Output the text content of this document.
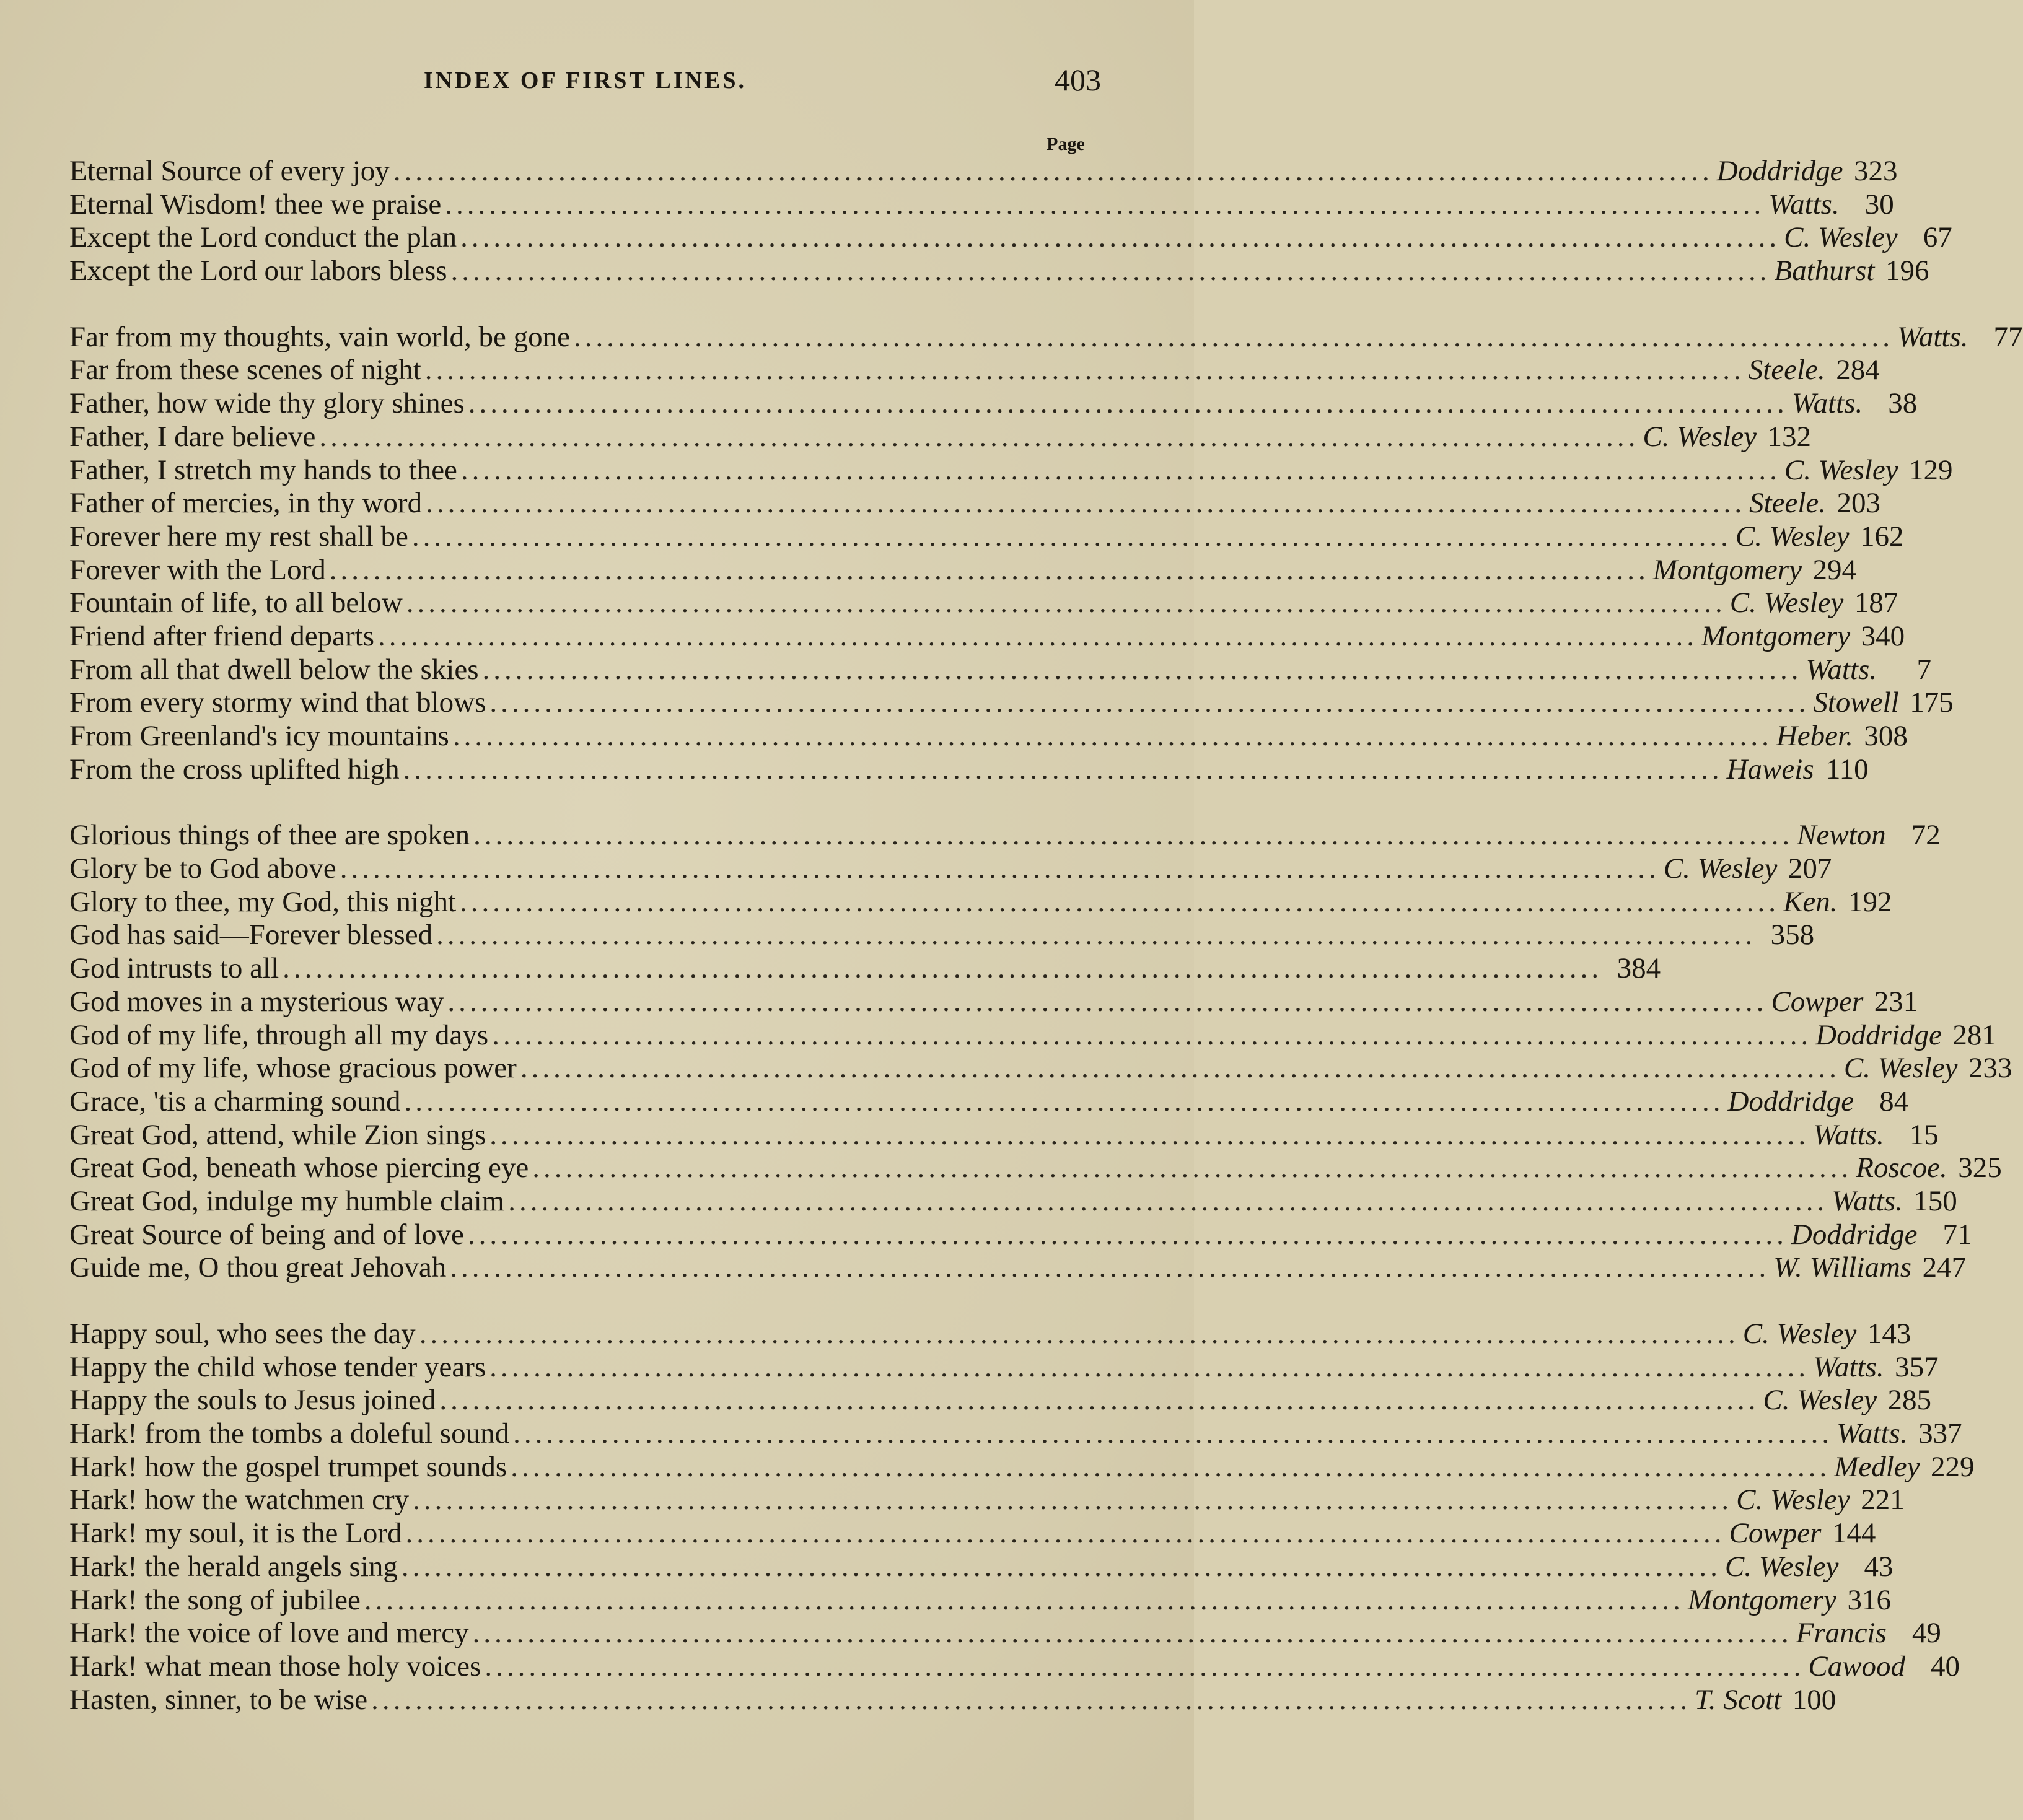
INDEX OF FIRST LINES.	403
Page
Eternal Source of every joy ........................................................................................................................ Doddridge 323
Eternal Wisdom! thee we praise ........................................................................................................................ Watts. 30
Except the Lord conduct the plan ........................................................................................................................ C. Wesley 67
Except the Lord our labors bless ........................................................................................................................ Bathurst 196
Far from my thoughts, vain world, be gone ........................................................................................................................ Watts. 77
Far from these scenes of night ........................................................................................................................ Steele. 284
Father, how wide thy glory shines ........................................................................................................................ Watts. 38
Father, I dare believe ........................................................................................................................ C. Wesley 132
Father, I stretch my hands to thee ........................................................................................................................ C. Wesley 129
Father of mercies, in thy word ........................................................................................................................ Steele. 203
Forever here my rest shall be ........................................................................................................................ C. Wesley 162
Forever with the Lord ........................................................................................................................ Montgomery 294
Fountain of life, to all below ........................................................................................................................ C. Wesley 187
Friend after friend departs ........................................................................................................................ Montgomery 340
From all that dwell below the skies ........................................................................................................................ Watts.	7
From every stormy wind that blows ........................................................................................................................ Stowell 175
From Greenland's icy mountains ........................................................................................................................ Heber. 308
From the cross uplifted high ........................................................................................................................ Haweis 110
Glorious things of thee are spoken ........................................................................................................................ Newton 72
Glory be to God above ........................................................................................................................ C. Wesley 207
Glory to thee, my God, this night ........................................................................................................................ Ken. 192
God has said—Forever blessed ........................................................................................................................ 358
God intrusts to all ........................................................................................................................ 384
God moves in a mysterious way ........................................................................................................................ Cowper 231
God of my life, through all my days ........................................................................................................................ Doddridge 281
God of my life, whose gracious power ........................................................................................................................ C. Wesley 233
Grace, 'tis a charming sound ........................................................................................................................ Doddridge 84
Great God, attend, while Zion sings ........................................................................................................................ Watts. 15
Great God, beneath whose piercing eye ........................................................................................................................ Roscoe. 325
Great God, indulge my humble claim ........................................................................................................................ Watts. 150
Great Source of being and of love ........................................................................................................................ Doddridge 71
Guide me, O thou great Jehovah ........................................................................................................................ W. Williams 247
Happy soul, who sees the day ........................................................................................................................ C. Wesley 143
Happy the child whose tender years ........................................................................................................................ Watts. 357
Happy the souls to Jesus joined ........................................................................................................................ C. Wesley 285
Hark! from the tombs a doleful sound ........................................................................................................................ Watts. 337
Hark! how the gospel trumpet sounds ........................................................................................................................ Medley 229
Hark! how the watchmen cry ........................................................................................................................ C. Wesley 221
Hark! my soul, it is the Lord ........................................................................................................................ Cowper 144
Hark! the herald angels sing ........................................................................................................................ C. Wesley 43
Hark! the song of jubilee ........................................................................................................................ Montgomery 316
Hark! the voice of love and mercy ........................................................................................................................ Francis 49
Hark! what mean those holy voices ........................................................................................................................ Cawood 40
Hasten, sinner, to be wise ........................................................................................................................ T. Scott 100
